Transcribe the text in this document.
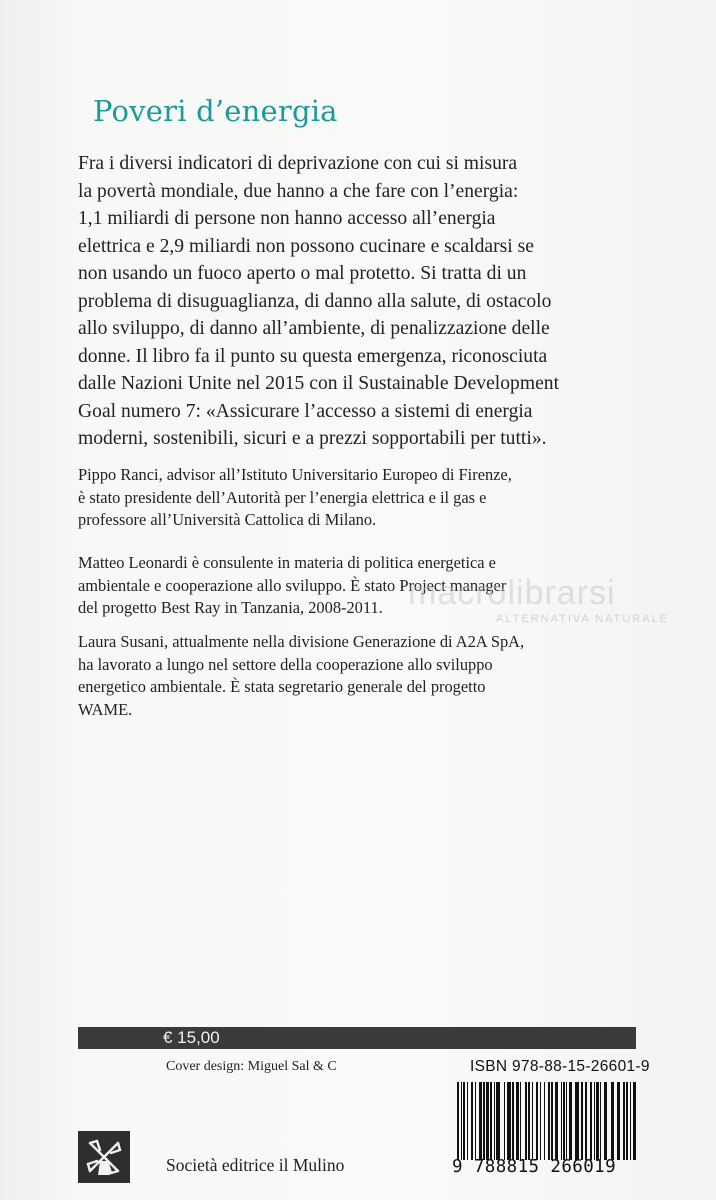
Poveri d’energia
Fra i diversi indicatori di deprivazione con cui si misura
la povertà mondiale, due hanno a che fare con l’energia:
1,1 miliardi di persone non hanno accesso all’energia
elettrica e 2,9 miliardi non possono cucinare e scaldarsi se
non usando un fuoco aperto o mal protetto. Si tratta di un
problema di disuguaglianza, di danno alla salute, di ostacolo
allo sviluppo, di danno all’ambiente, di penalizzazione delle
donne. Il libro fa il punto su questa emergenza, riconosciuta
dalle Nazioni Unite nel 2015 con il Sustainable Development
Goal numero 7: «Assicurare l’accesso a sistemi di energia
moderni, sostenibili, sicuri e a prezzi sopportabili per tutti».
Pippo Ranci, advisor all’Istituto Universitario Europeo di Firenze,
è stato presidente dell’Autorità per l’energia elettrica e il gas e
professore all’Università Cattolica di Milano.
Matteo Leonardi è consulente in materia di politica energetica e
ambientale e cooperazione allo sviluppo. È stato Project manager
del progetto Best Ray in Tanzania, 2008-2011.
Laura Susani, attualmente nella divisione Generazione di A2A SpA,
ha lavorato a lungo nel settore della cooperazione allo sviluppo
energetico ambientale. È stata segretario generale del progetto
WAME.
macrolibrarsi
ALTERNATIVA NATURALE
€ 15,00
Cover design: Miguel Sal & C	ISBN 978-88-15-26601-9
9 788815 266019
Società editrice il Mulino
